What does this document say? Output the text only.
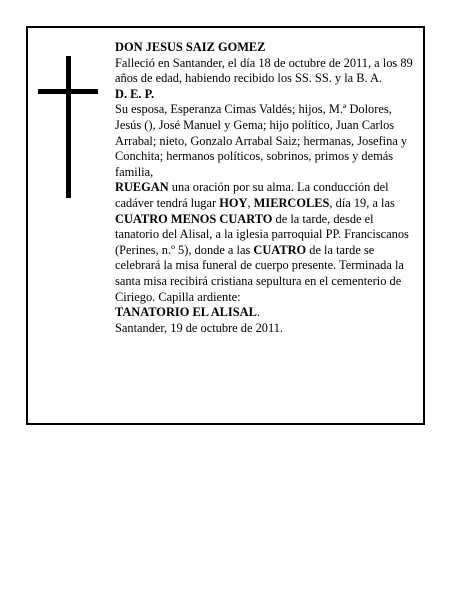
DON JESUS SAIZ GOMEZ

Falleció en Santander, el día 18 de octubre de 2011, a los 89 años de edad, habiendo recibido los SS. SS. y la B. A.

D. E. P.

Su esposa, Esperanza Cimas Valdés; hijos, M.ª Dolores, Jesús (), José Manuel y Gema; hijo político, Juan Carlos Arrabal; nieto, Gonzalo Arrabal Saiz; hermanas, Josefina y Conchita; hermanos políticos, sobrinos, primos y demás familia,

RUEGAN una oración por su alma. La conducción del cadáver tendrá lugar HOY, MIERCOLES, día 19, a las CUATRO MENOS CUARTO de la tarde, desde el tanatorio del Alisal, a la iglesia parroquial PP. Franciscanos (Perines, n.º 5), donde a las CUATRO de la tarde se celebrará la misa funeral de cuerpo presente. Terminada la santa misa recibirá cristiana sepultura en el cementerio de Ciriego. Capilla ardiente:

TANATORIO EL ALISAL.

Santander, 19 de octubre de 2011.
